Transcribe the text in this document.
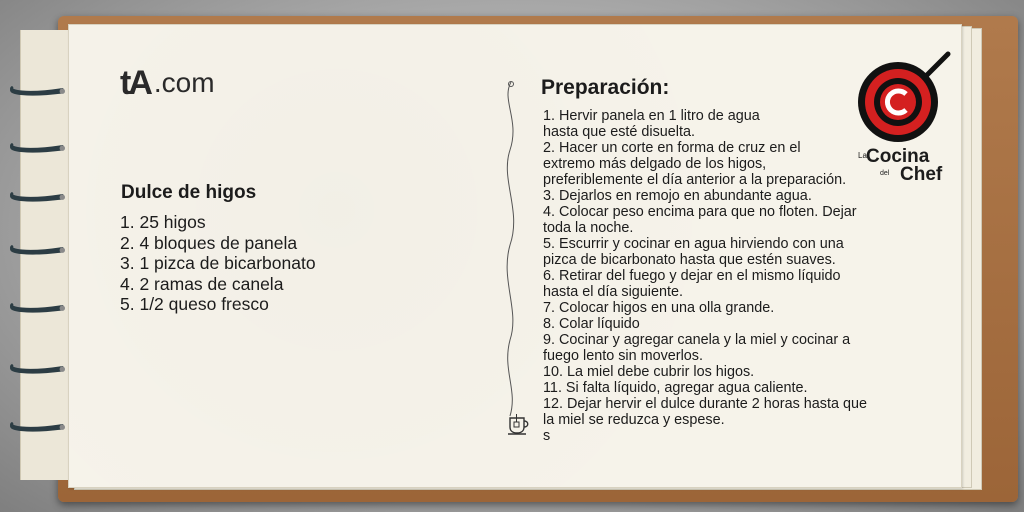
tA .com
Dulce de higos
1. 25 higos
2. 4 bloques de panela
3. 1 pizca de bicarbonato
4. 2 ramas de canela
5. 1/2 queso fresco
Preparación:
1. Hervir panela en 1 litro de agua
hasta que esté disuelta.
2. Hacer un corte en forma de cruz en el
extremo más delgado de los higos,
preferiblemente el día anterior a la preparación.
3. Dejarlos en remojo en abundante agua.
4. Colocar peso encima para que no floten. Dejar
toda la noche.
5. Escurrir y cocinar en agua hirviendo con una
pizca de bicarbonato hasta que estén suaves.
6. Retirar del fuego y dejar en el mismo líquido
hasta el día siguiente.
7. Colocar higos en una olla grande.
8. Colar líquido
9. Cocinar y agregar canela y la miel y cocinar a
fuego lento sin moverlos.
10. La miel debe cubrir los higos.
11. Si falta líquido, agregar agua caliente.
12. Dejar hervir el dulce durante 2 horas hasta que
la miel se reduzca y espese.
s
La Cocina
del Chef
